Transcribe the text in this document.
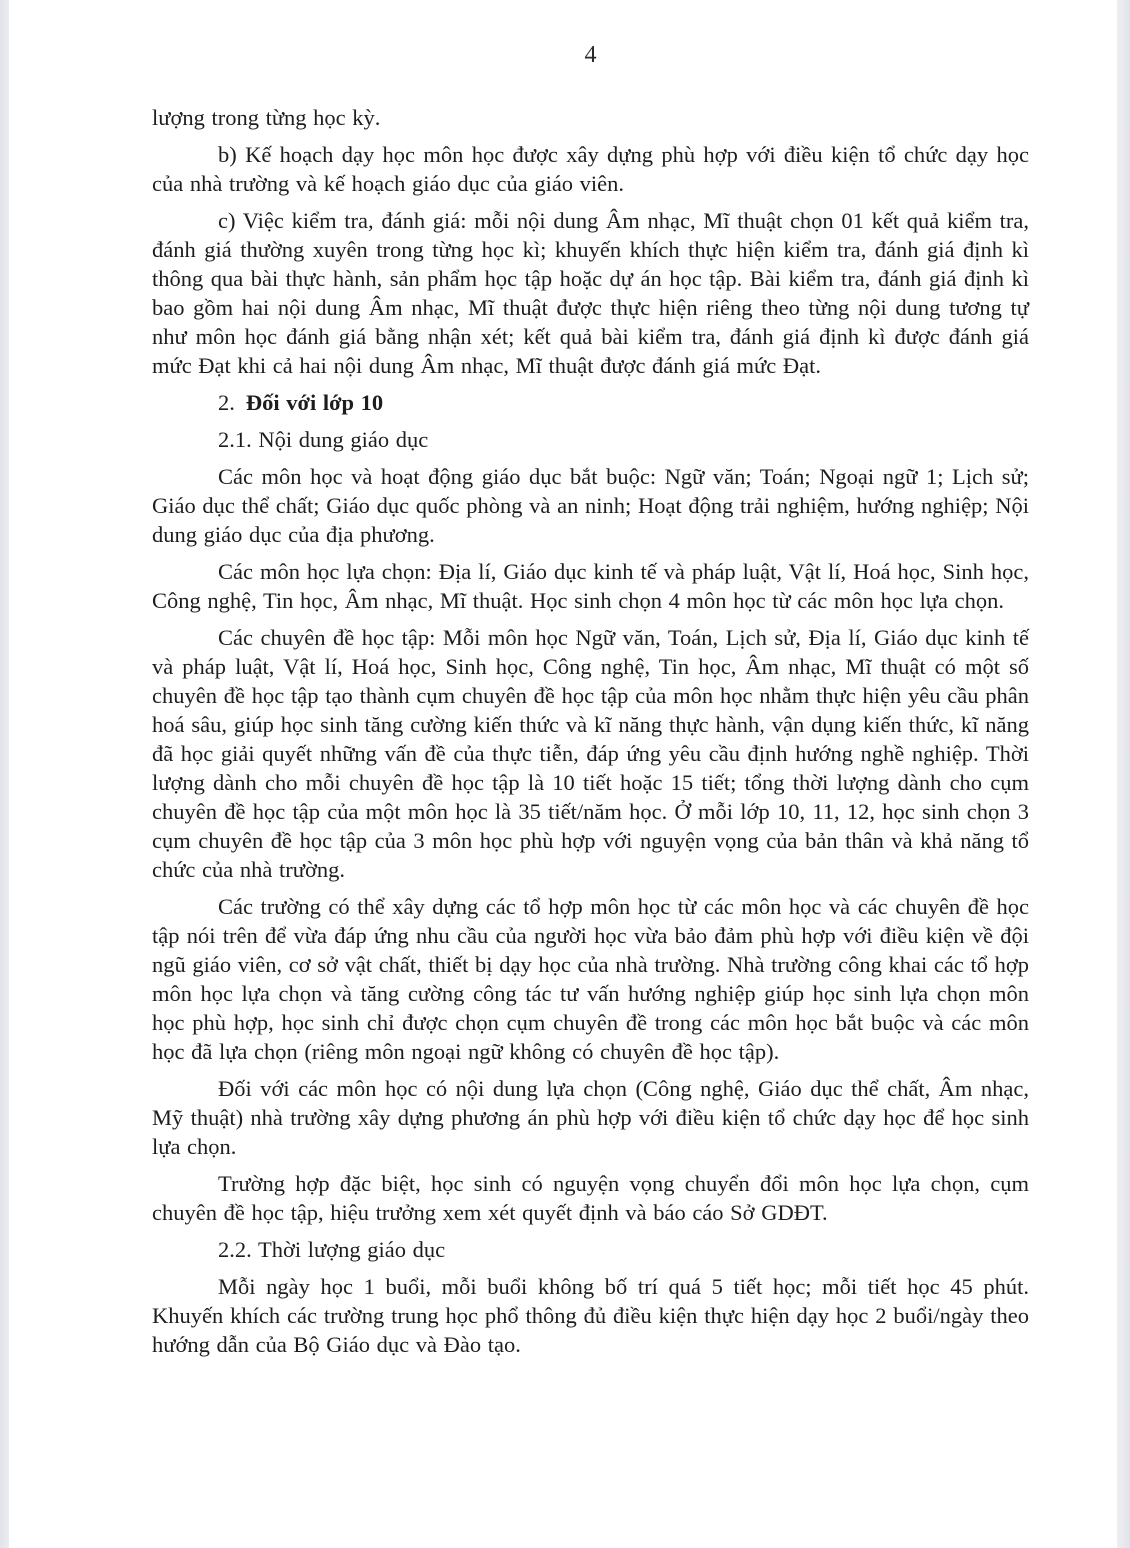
4

lượng trong từng học kỳ.

b) Kế hoạch dạy học môn học được xây dựng phù hợp với điều kiện tổ chức dạy học của nhà trường và kế hoạch giáo dục của giáo viên.

c) Việc kiểm tra, đánh giá: mỗi nội dung Âm nhạc, Mĩ thuật chọn 01 kết quả kiểm tra, đánh giá thường xuyên trong từng học kì; khuyến khích thực hiện kiểm tra, đánh giá định kì thông qua bài thực hành, sản phẩm học tập hoặc dự án học tập. Bài kiểm tra, đánh giá định kì bao gồm hai nội dung Âm nhạc, Mĩ thuật được thực hiện riêng theo từng nội dung tương tự như môn học đánh giá bằng nhận xét; kết quả bài kiểm tra, đánh giá định kì được đánh giá mức Đạt khi cả hai nội dung Âm nhạc, Mĩ thuật được đánh giá mức Đạt.

2. Đối với lớp 10

2.1. Nội dung giáo dục

Các môn học và hoạt động giáo dục bắt buộc: Ngữ văn; Toán; Ngoại ngữ 1; Lịch sử; Giáo dục thể chất; Giáo dục quốc phòng và an ninh; Hoạt động trải nghiệm, hướng nghiệp; Nội dung giáo dục của địa phương.

Các môn học lựa chọn: Địa lí, Giáo dục kinh tế và pháp luật, Vật lí, Hoá học, Sinh học, Công nghệ, Tin học, Âm nhạc, Mĩ thuật. Học sinh chọn 4 môn học từ các môn học lựa chọn.

Các chuyên đề học tập: Mỗi môn học Ngữ văn, Toán, Lịch sử, Địa lí, Giáo dục kinh tế và pháp luật, Vật lí, Hoá học, Sinh học, Công nghệ, Tin học, Âm nhạc, Mĩ thuật có một số chuyên đề học tập tạo thành cụm chuyên đề học tập của môn học nhằm thực hiện yêu cầu phân hoá sâu, giúp học sinh tăng cường kiến thức và kĩ năng thực hành, vận dụng kiến thức, kĩ năng đã học giải quyết những vấn đề của thực tiễn, đáp ứng yêu cầu định hướng nghề nghiệp. Thời lượng dành cho mỗi chuyên đề học tập là 10 tiết hoặc 15 tiết; tổng thời lượng dành cho cụm chuyên đề học tập của một môn học là 35 tiết/năm học. Ở mỗi lớp 10, 11, 12, học sinh chọn 3 cụm chuyên đề học tập của 3 môn học phù hợp với nguyện vọng của bản thân và khả năng tổ chức của nhà trường.

Các trường có thể xây dựng các tổ hợp môn học từ các môn học và các chuyên đề học tập nói trên để vừa đáp ứng nhu cầu của người học vừa bảo đảm phù hợp với điều kiện về đội ngũ giáo viên, cơ sở vật chất, thiết bị dạy học của nhà trường. Nhà trường công khai các tổ hợp môn học lựa chọn và tăng cường công tác tư vấn hướng nghiệp giúp học sinh lựa chọn môn học phù hợp, học sinh chỉ được chọn cụm chuyên đề trong các môn học bắt buộc và các môn học đã lựa chọn (riêng môn ngoại ngữ không có chuyên đề học tập).

Đối với các môn học có nội dung lựa chọn (Công nghệ, Giáo dục thể chất, Âm nhạc, Mỹ thuật) nhà trường xây dựng phương án phù hợp với điều kiện tổ chức dạy học để học sinh lựa chọn.

Trường hợp đặc biệt, học sinh có nguyện vọng chuyển đổi môn học lựa chọn, cụm chuyên đề học tập, hiệu trưởng xem xét quyết định và báo cáo Sở GDĐT.

2.2. Thời lượng giáo dục

Mỗi ngày học 1 buổi, mỗi buổi không bố trí quá 5 tiết học; mỗi tiết học 45 phút. Khuyến khích các trường trung học phổ thông đủ điều kiện thực hiện dạy học 2 buổi/ngày theo hướng dẫn của Bộ Giáo dục và Đào tạo.
